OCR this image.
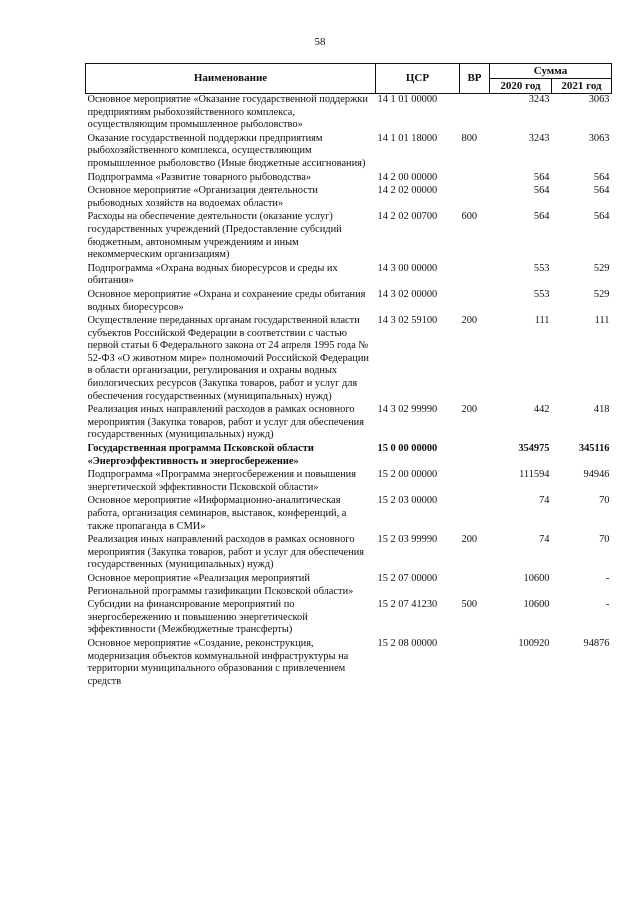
58
Наименование	ЦСР	ВР	Сумма	
			2020 год	2021 год
Основное мероприятие «Оказание государственной поддержки предприятиям рыбохозяйственного комплекса, осуществляющим промышленное рыболовство»	14 1 01 00000		3243	3063
Оказание государственной поддержки предприятиям рыбохозяйственного комплекса, осуществляющим промышленное рыболовство (Иные бюджетные ассигнования)	14 1 01 18000	800	3243	3063
Подпрограмма «Развитие товарного рыбоводства»	14 2 00 00000		564	564
Основное мероприятие «Организация деятельности рыбоводных хозяйств на водоемах области»	14 2 02 00000		564	564
Расходы на обеспечение деятельности (оказание услуг) государственных учреждений (Предоставление субсидий бюджетным, автономным учреждениям и иным некоммерческим организациям)	14 2 02 00700	600	564	564
Подпрограмма «Охрана водных биоресурсов и среды их обитания»	14 3 00 00000		553	529
Основное мероприятие «Охрана и сохранение среды обитания водных биоресурсов»	14 3 02 00000		553	529
Осуществление переданных органам государственной власти субъектов Российской Федерации в соответствии с частью первой статьи 6 Федерального закона от 24 апреля 1995 года № 52-ФЗ «О животном мире» полномочий Российской Федерации в области организации, регулирования и охраны водных биологических ресурсов (Закупка товаров, работ и услуг для обеспечения государственных (муниципальных) нужд)	14 3 02 59100	200	111	111
Реализация иных направлений расходов в рамках основного мероприятия (Закупка товаров, работ и услуг для обеспечения государственных (муниципальных) нужд)	14 3 02 99990	200	442	418
Государственная программа Псковской области «Энергоэффективность и энергосбережение»	15 0 00 00000		354975	345116
Подпрограмма «Программа энергосбережения и повышения энергетической эффективности Псковской области»	15 2 00 00000		111594	94946
Основное мероприятие «Информационно-аналитическая работа, организация семинаров, выставок, конференций, а также пропаганда в СМИ»	15 2 03 00000		74	70
Реализация иных направлений расходов в рамках основного мероприятия (Закупка товаров, работ и услуг для обеспечения государственных (муниципальных) нужд)	15 2 03 99990	200	74	70
Основное мероприятие «Реализация мероприятий Региональной программы газификации Псковской области»	15 2 07 00000		10600	-
Субсидии на финансирование мероприятий по энергосбережению и повышению энергетической эффективности (Межбюджетные трансферты)	15 2 07 41230	500	10600	-
Основное мероприятие «Создание, реконструкция, модернизация объектов коммунальной инфраструктуры на территории муниципального образования с привлечением средств	15 2 08 00000		100920	94876
